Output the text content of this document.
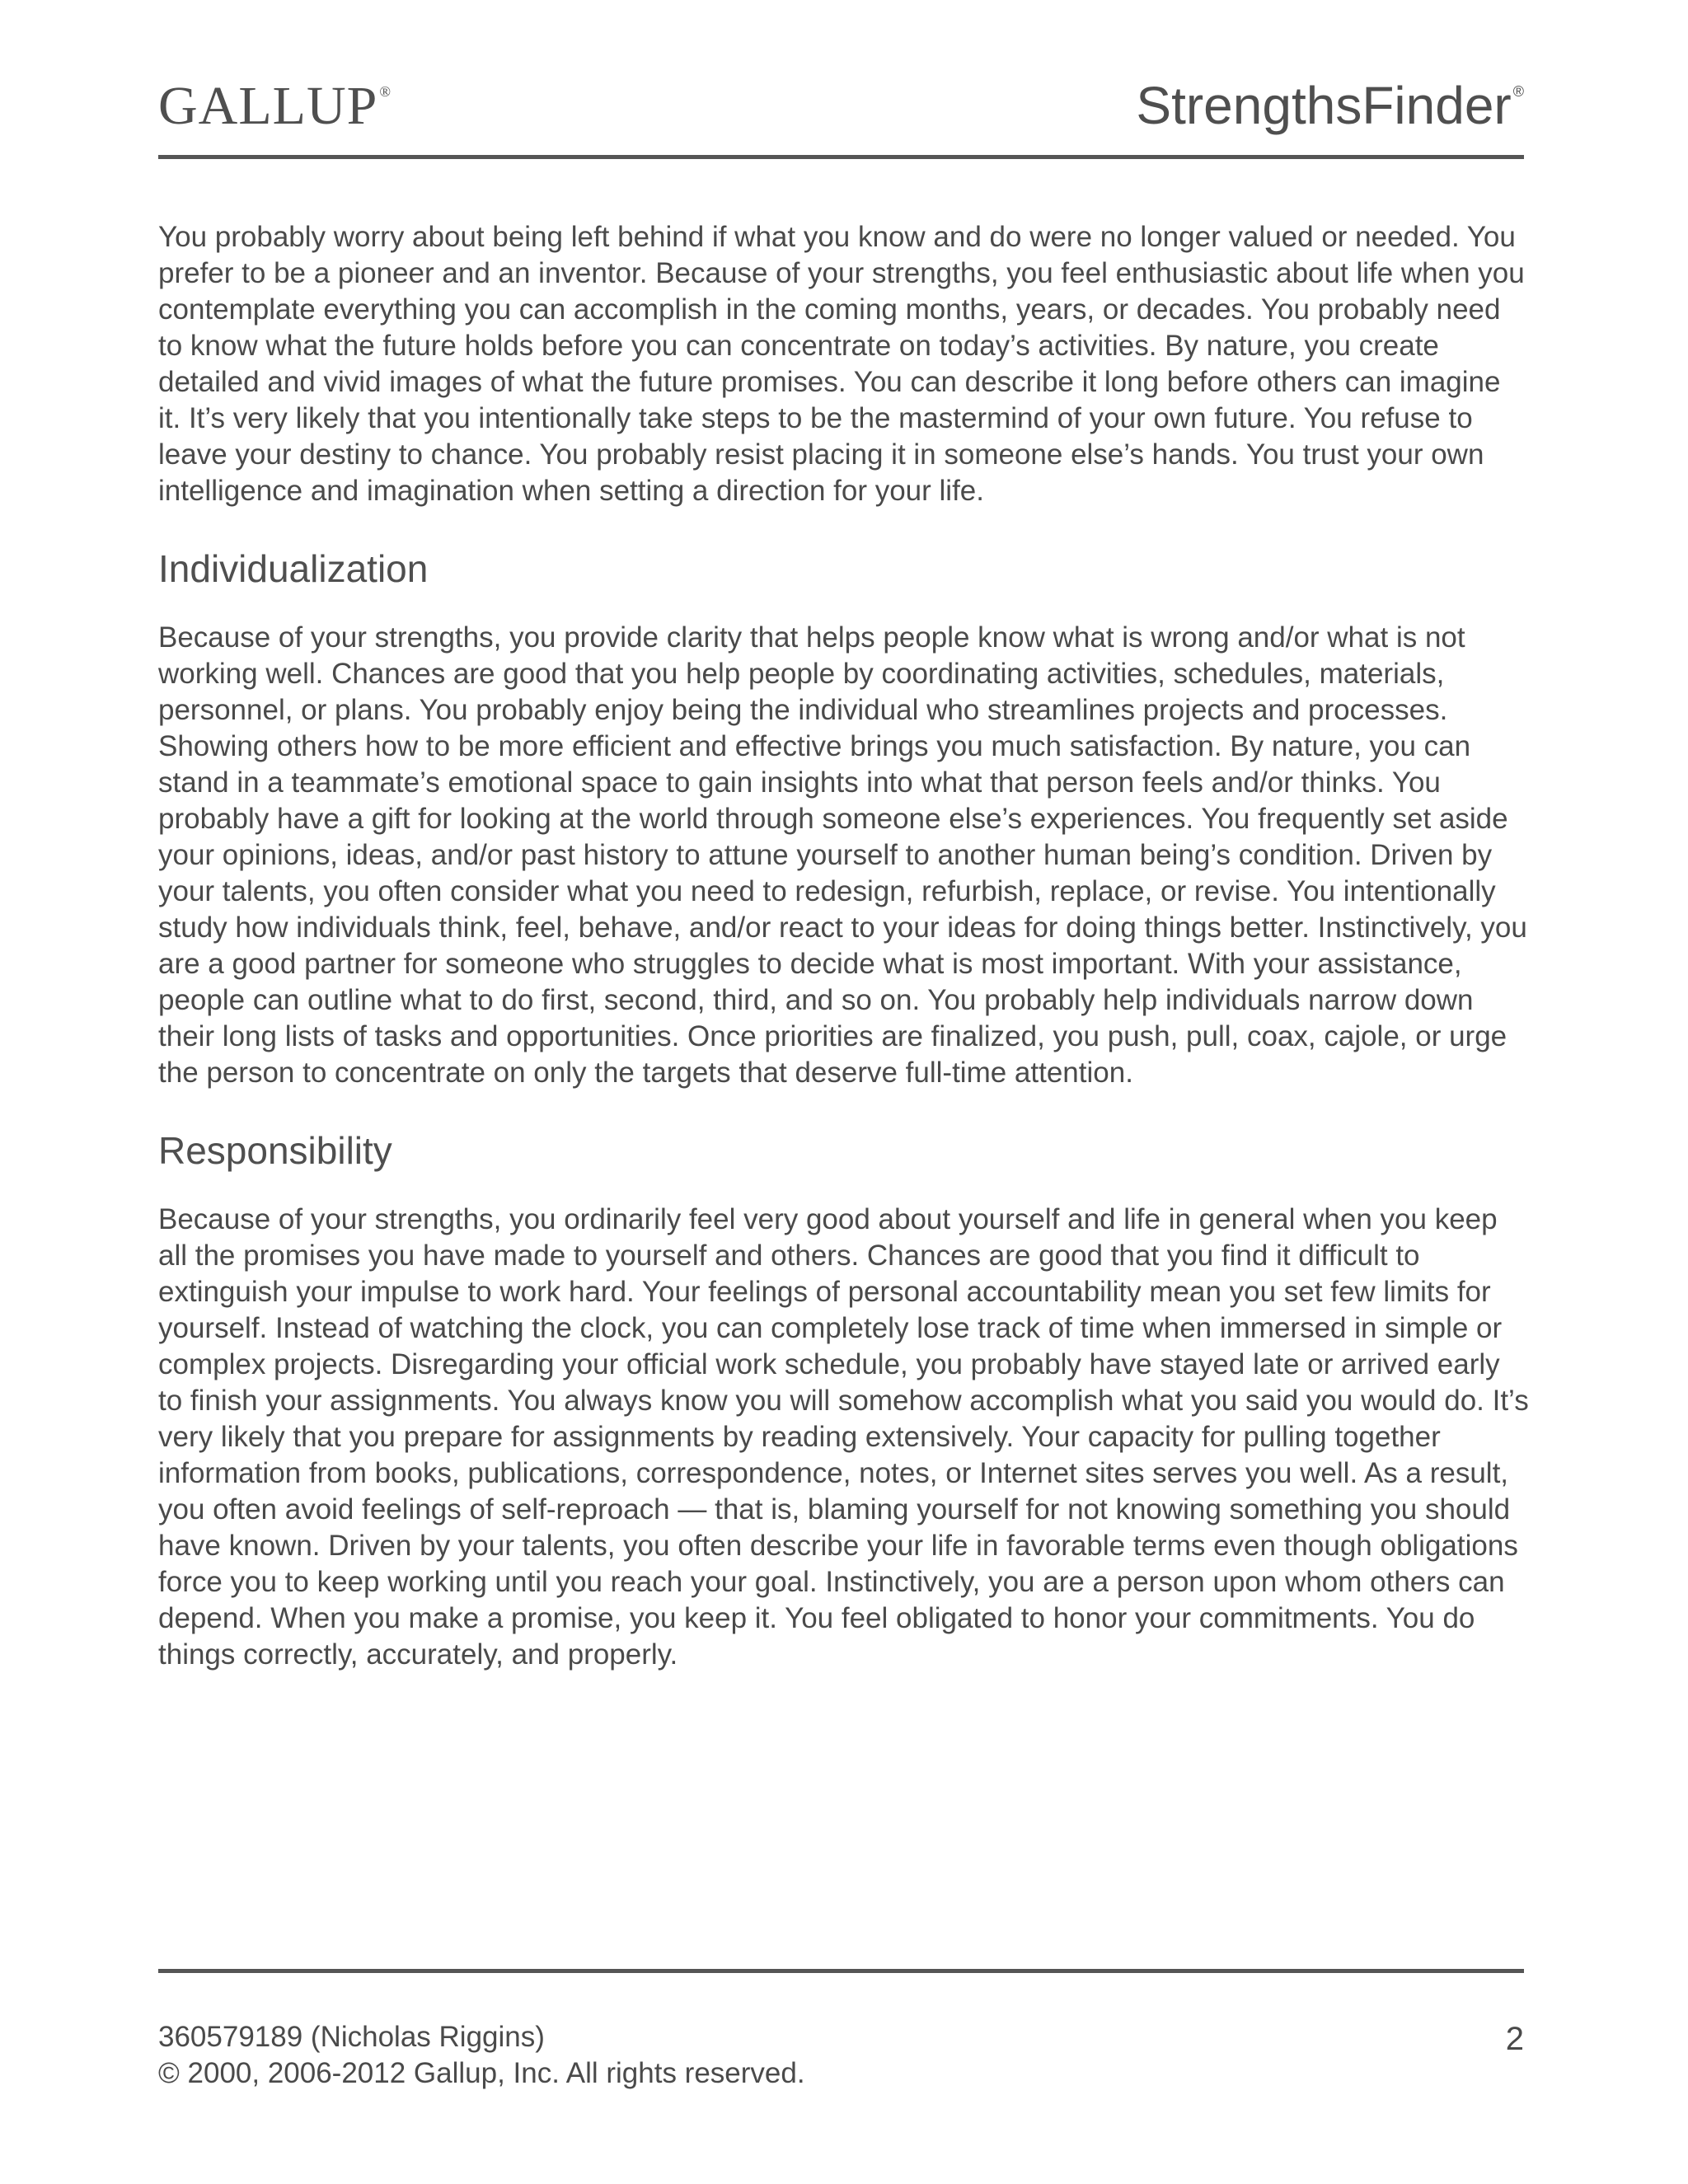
GALLUP ®	StrengthsFinder ®

You probably worry about being left behind if what you know and do were no longer valued or needed. You prefer to be a pioneer and an inventor. Because of your strengths, you feel enthusiastic about life when you contemplate everything you can accomplish in the coming months, years, or decades. You probably need to know what the future holds before you can concentrate on today’s activities. By nature, you create detailed and vivid images of what the future promises. You can describe it long before others can imagine it. It’s very likely that you intentionally take steps to be the mastermind of your own future. You refuse to leave your destiny to chance. You probably resist placing it in someone else’s hands. You trust your own intelligence and imagination when setting a direction for your life.

Individualization

Because of your strengths, you provide clarity that helps people know what is wrong and/or what is not working well. Chances are good that you help people by coordinating activities, schedules, materials, personnel, or plans. You probably enjoy being the individual who streamlines projects and processes. Showing others how to be more efficient and effective brings you much satisfaction. By nature, you can stand in a teammate’s emotional space to gain insights into what that person feels and/or thinks. You probably have a gift for looking at the world through someone else’s experiences. You frequently set aside your opinions, ideas, and/or past history to attune yourself to another human being’s condition. Driven by your talents, you often consider what you need to redesign, refurbish, replace, or revise. You intentionally study how individuals think, feel, behave, and/or react to your ideas for doing things better. Instinctively, you are a good partner for someone who struggles to decide what is most important. With your assistance, people can outline what to do first, second, third, and so on. You probably help individuals narrow down their long lists of tasks and opportunities. Once priorities are finalized, you push, pull, coax, cajole, or urge the person to concentrate on only the targets that deserve full-time attention.

Responsibility

Because of your strengths, you ordinarily feel very good about yourself and life in general when you keep all the promises you have made to yourself and others. Chances are good that you find it difficult to extinguish your impulse to work hard. Your feelings of personal accountability mean you set few limits for yourself. Instead of watching the clock, you can completely lose track of time when immersed in simple or complex projects. Disregarding your official work schedule, you probably have stayed late or arrived early to finish your assignments. You always know you will somehow accomplish what you said you would do. It’s very likely that you prepare for assignments by reading extensively. Your capacity for pulling together information from books, publications, correspondence, notes, or Internet sites serves you well. As a result, you often avoid feelings of self-reproach — that is, blaming yourself for not knowing something you should have known. Driven by your talents, you often describe your life in favorable terms even though obligations force you to keep working until you reach your goal. Instinctively, you are a person upon whom others can depend. When you make a promise, you keep it. You feel obligated to honor your commitments. You do things correctly, accurately, and properly.

360579189 (Nicholas Riggins)
© 2000, 2006-2012 Gallup, Inc. All rights reserved.
2
